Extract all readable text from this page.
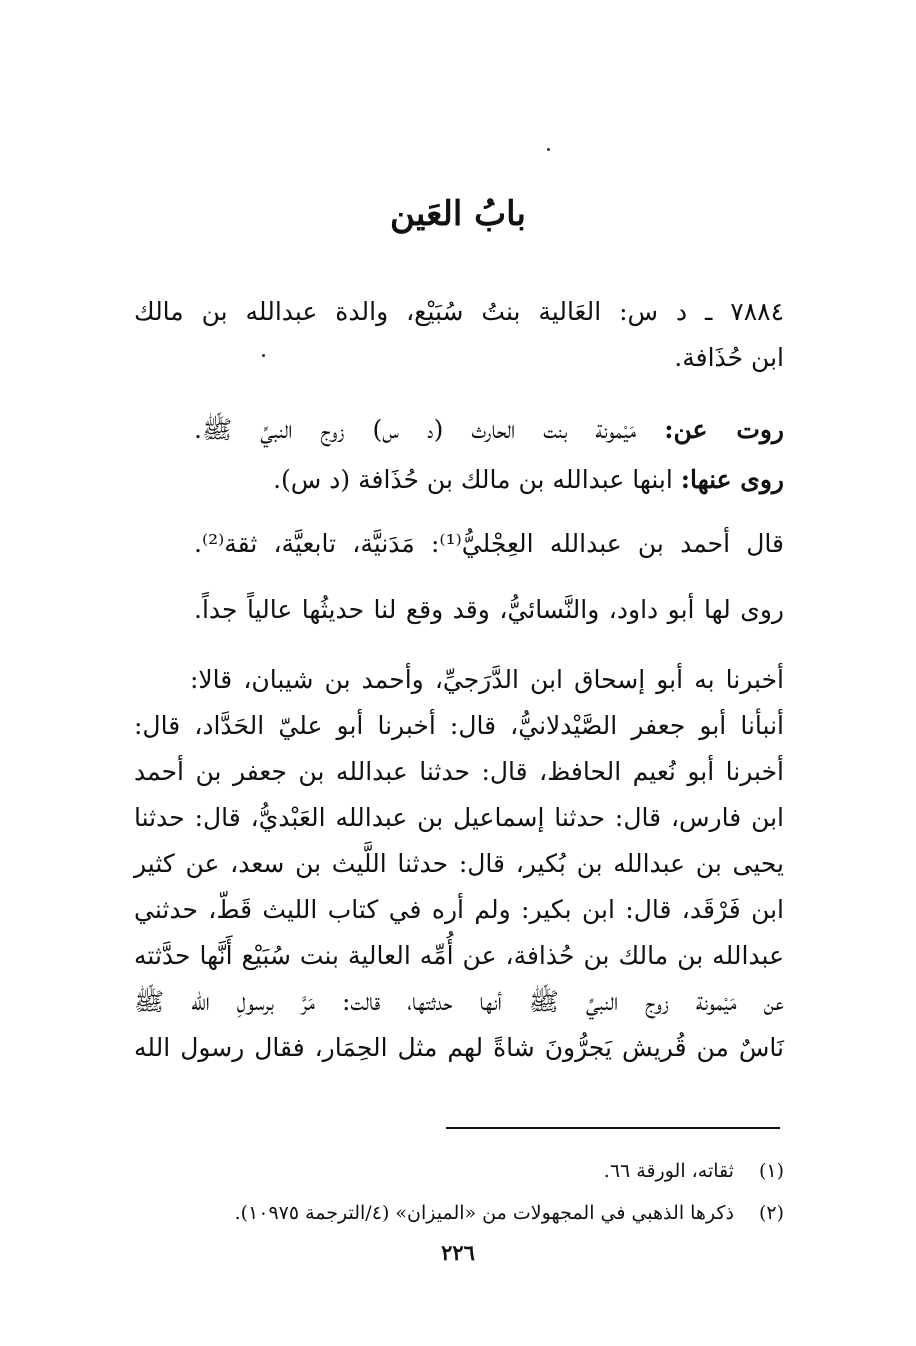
بابُ العَين
٧٨٨٤ ـ د س: العَالية بنتُ سُبَيْع، والدة عبدالله بن مالك
ابن حُذَافة.
روت عن: مَيْمونة بنت الحارث (د س) زوج النبيِّ ﷺ.
روى عنها: ابنها عبدالله بن مالك بن حُذَافة (د س).
قال أحمد بن عبدالله العِجْليُّ⁽¹⁾: مَدَنيَّة، تابعيَّة، ثقة⁽²⁾.
روى لها أبو داود، والنَّسائيُّ، وقد وقع لنا حديثُها عالياً جداً.
أخبرنا به أبو إسحاق ابن الدَّرَجيِّ، وأحمد بن شيبان، قالا:
أنبأنا أبو جعفر الصَّيْدلانيُّ، قال: أخبرنا أبو عليّ الحَدَّاد، قال:
أخبرنا أبو نُعيم الحافظ، قال: حدثنا عبدالله بن جعفر بن أحمد
ابن فارس، قال: حدثنا إسماعيل بن عبدالله العَبْديُّ، قال: حدثنا
يحيى بن عبدالله بن بُكير، قال: حدثنا اللَّيث بن سعد، عن كثير
ابن فَرْقَد، قال: ابن بكير: ولم أره في كتاب الليث قَطّ، حدثني
عبدالله بن مالك بن حُذافة، عن أُمِّه العالية بنت سُبَيْع أَنَّها حدَّثته
عن مَيْمونة زوج النبيِّ ﷺ أنها حدثتها، قالت: مَرَّ برسولِ الله ﷺ
نَاسٌ من قُريش يَجرُّونَ شاةً لهم مثل الحِمَار، فقال رسول الله
(١) ثقاته، الورقة ٦٦.
(٢) ذكرها الذهبي في المجهولات من «الميزان» (٤/الترجمة ١٠٩٧٥).
٢٢٦
